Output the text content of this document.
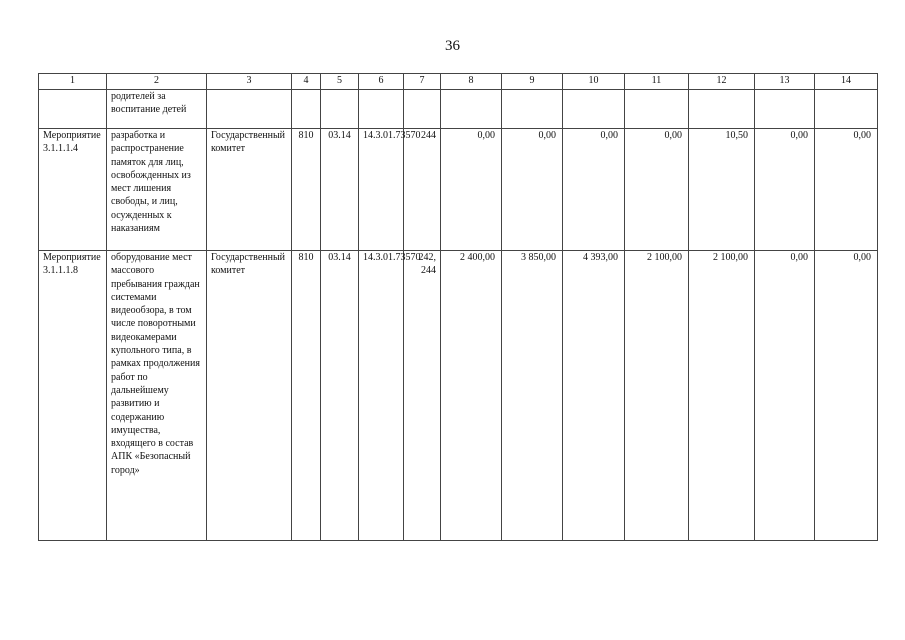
36
1	2	3	4	5	6	7	8	9	10	11	12	13	14
	родителей за воспитание детей												
Мероприятие 3.1.1.1.4	разработка и распространение памяток для лиц, освобожденных из мест лишения свободы, и лиц, осужденных к наказаниям	Государственный комитет	810	03.14	14.3.01.73570	244	0,00	0,00	0,00	0,00	10,50	0,00	0,00
Мероприятие 3.1.1.1.8	оборудование мест массового пребывания граждан системами видеообзора, в том числе поворотными видеокамерами купольного типа, в рамках продолжения работ по дальнейшему развитию и содержанию имущества, входящего в состав АПК «Безопасный город»	Государственный комитет	810	03.14	14.3.01.73570	242, 244	2 400,00	3 850,00	4 393,00	2 100,00	2 100,00	0,00	0,00
